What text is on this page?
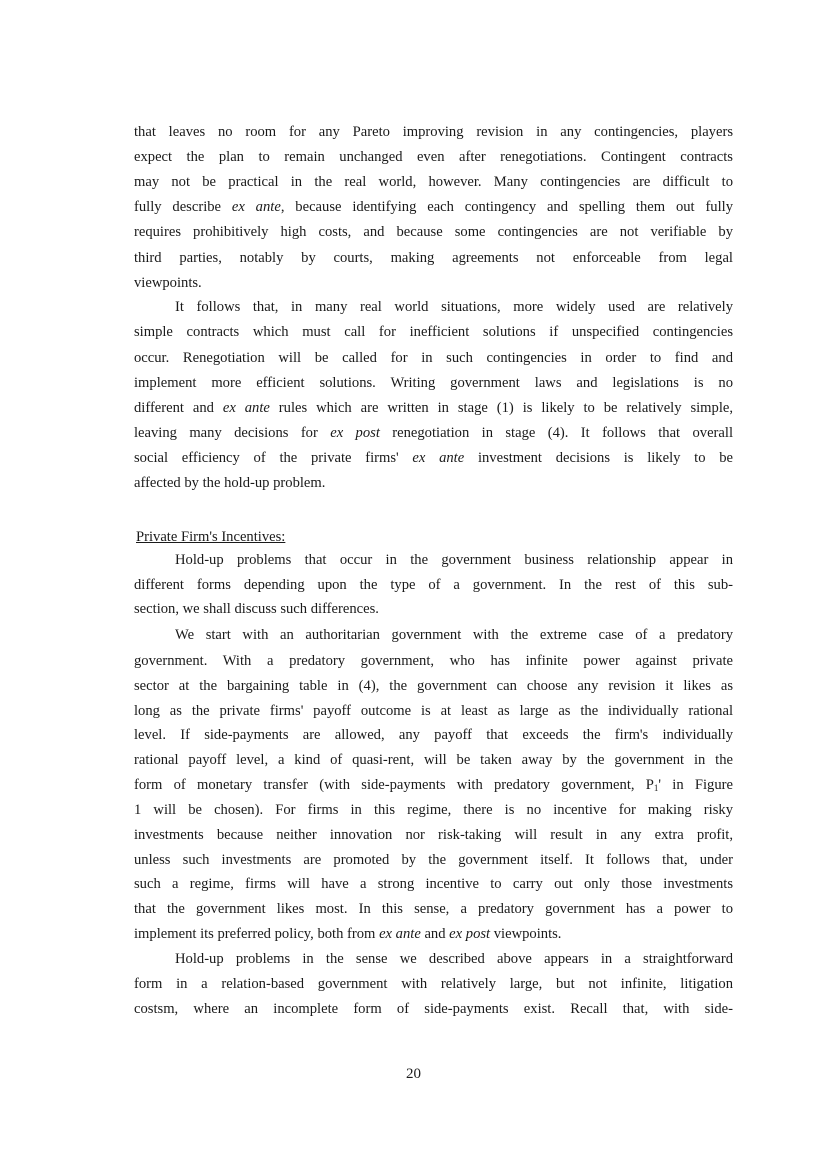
that leaves no room for any Pareto improving revision in any contingencies, players
expect the plan to remain unchanged even after renegotiations. Contingent contracts
may not be practical in the real world, however. Many contingencies are difficult to
fully describe ex ante, because identifying each contingency and spelling them out fully
requires prohibitively high costs, and because some contingencies are not verifiable by
third parties, notably by courts, making agreements not enforceable from legal
viewpoints.
It follows that, in many real world situations, more widely used are relatively
simple contracts which must call for inefficient solutions if unspecified contingencies
occur. Renegotiation will be called for in such contingencies in order to find and
implement more efficient solutions. Writing government laws and legislations is no
different and ex ante rules which are written in stage (1) is likely to be relatively simple,
leaving many decisions for ex post renegotiation in stage (4). It follows that overall
social efficiency of the private firms' ex ante investment decisions is likely to be
affected by the hold-up problem.
Private Firm's Incentives:
Hold-up problems that occur in the government business relationship appear in
different forms depending upon the type of a government. In the rest of this sub-
section, we shall discuss such differences.
We start with an authoritarian government with the extreme case of a predatory
government. With a predatory government, who has infinite power against private
sector at the bargaining table in (4), the government can choose any revision it likes as
long as the private firms' payoff outcome is at least as large as the individually rational
level. If side-payments are allowed, any payoff that exceeds the firm's individually
rational payoff level, a kind of quasi-rent, will be taken away by the government in the
form of monetary transfer (with side-payments with predatory government, $P_1'$ in Figure
1 will be chosen). For firms in this regime, there is no incentive for making risky
investments because neither innovation nor risk-taking will result in any extra profit,
unless such investments are promoted by the government itself. It follows that, under
such a regime, firms will have a strong incentive to carry out only those investments
that the government likes most. In this sense, a predatory government has a power to
implement its preferred policy, both from ex ante and ex post viewpoints.
Hold-up problems in the sense we described above appears in a straightforward
form in a relation-based government with relatively large, but not infinite, litigation
costsm, where an incomplete form of side-payments exist. Recall that, with side-
20
